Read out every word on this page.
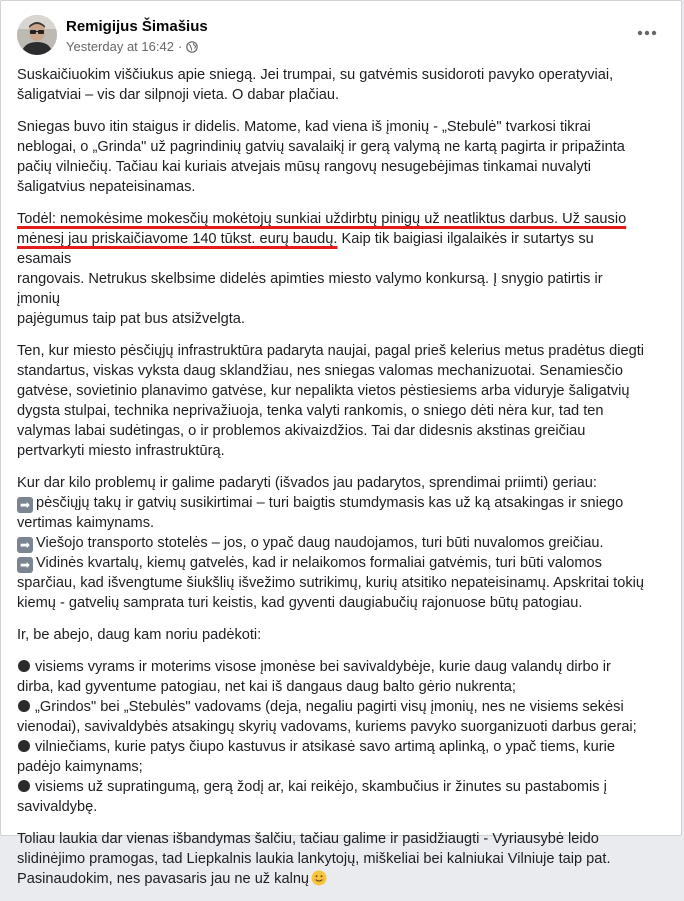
Remigijus Šimašius
Yesterday at 16:42 ·

Suskaičiuokim viščiukus apie sniegą. Jei trumpai, su gatvėmis susidoroti pavyko operatyviai,
šaligatviai – vis dar silpnoji vieta. O dabar plačiau.

Sniegas buvo itin staigus ir didelis. Matome, kad viena iš įmonių - „Stebulė" tvarkosi tikrai
neblogai, o „Grinda" už pagrindinių gatvių savalaikį ir gerą valymą ne kartą pagirta ir pripažinta
pačių vilniečių. Tačiau kai kuriais atvejais mūsų rangovų nesugebėjimas tinkamai nuvalyti
šaligatvius nepateisinamas.

Todėl: nemokėsime mokesčių mokėtojų sunkiai uždirbtų pinigų už neatliktus darbus. Už sausio
mėnesį jau priskaičiavome 140 tūkst. eurų baudų. Kaip tik baigiasi ilgalaikės ir sutartys su esamais
rangovais. Netrukus skelbsime didelės apimties miesto valymo konkursą. Į snygio patirtis ir įmonių
pajėgumus taip pat bus atsižvelgta.

Ten, kur miesto pėsčiųjų infrastruktūra padaryta naujai, pagal prieš kelerius metus pradėtus diegti
standartus, viskas vyksta daug sklandžiau, nes sniegas valomas mechanizuotai. Senamiesčio
gatvėse, sovietinio planavimo gatvėse, kur nepalikta vietos pėstiesiems arba viduryje šaligatvių
dygsta stulpai, technika neprivažiuoja, tenka valyti rankomis, o sniego dėti nėra kur, tad ten
valymas labai sudėtingas, o ir problemos akivaizdžios. Tai dar didesnis akstinas greičiau
pertvarkyti miesto infrastruktūrą.

Kur dar kilo problemų ir galime padaryti (išvados jau padarytos, sprendimai priimti) geriau:
➡ pėsčiųjų takų ir gatvių susikirtimai – turi baigtis stumdymasis kas už ką atsakingas ir sniego
vertimas kaimynams.
➡ Viešojo transporto stotelės – jos, o ypač daug naudojamos, turi būti nuvalomos greičiau.
➡ Vidinės kvartalų, kiemų gatvelės, kad ir nelaikomos formaliai gatvėmis, turi būti valomos
sparčiau, kad išvengtume šiukšlių išvežimo sutrikimų, kurių atsitiko nepateisinamų. Apskritai tokių
kiemų - gatvelių samprata turi keistis, kad gyventi daugiabučių rajonuose būtų patogiau.

Ir, be abejo, daug kam noriu padėkoti:

visiems vyrams ir moterims visose įmonėse bei savivaldybėje, kurie daug valandų dirbo ir
dirba, kad gyventume patogiau, net kai iš dangaus daug balto gėrio nukrenta;
„Grindos" bei „Stebulės" vadovams (deja, negaliu pagirti visų įmonių, nes ne visiems sekėsi
vienodai), savivaldybės atsakingų skyrių vadovams, kuriems pavyko suorganizuoti darbus gerai;
vilniečiams, kurie patys čiupo kastuvus ir atsikasė savo artimą aplinką, o ypač tiems, kurie
padėjo kaimynams;
visiems už supratingumą, gerą žodį ar, kai reikėjo, skambučius ir žinutes su pastabomis į
savivaldybę.

Toliau laukia dar vienas išbandymas šalčiu, tačiau galime ir pasidžiaugti - Vyriausybė leido
slidinėjimo pramogas, tad Liepkalnis laukia lankytojų, miškeliai bei kalniukai Vilniuje taip pat.
Pasinaudokim, nes pavasaris jau ne už kalnų
